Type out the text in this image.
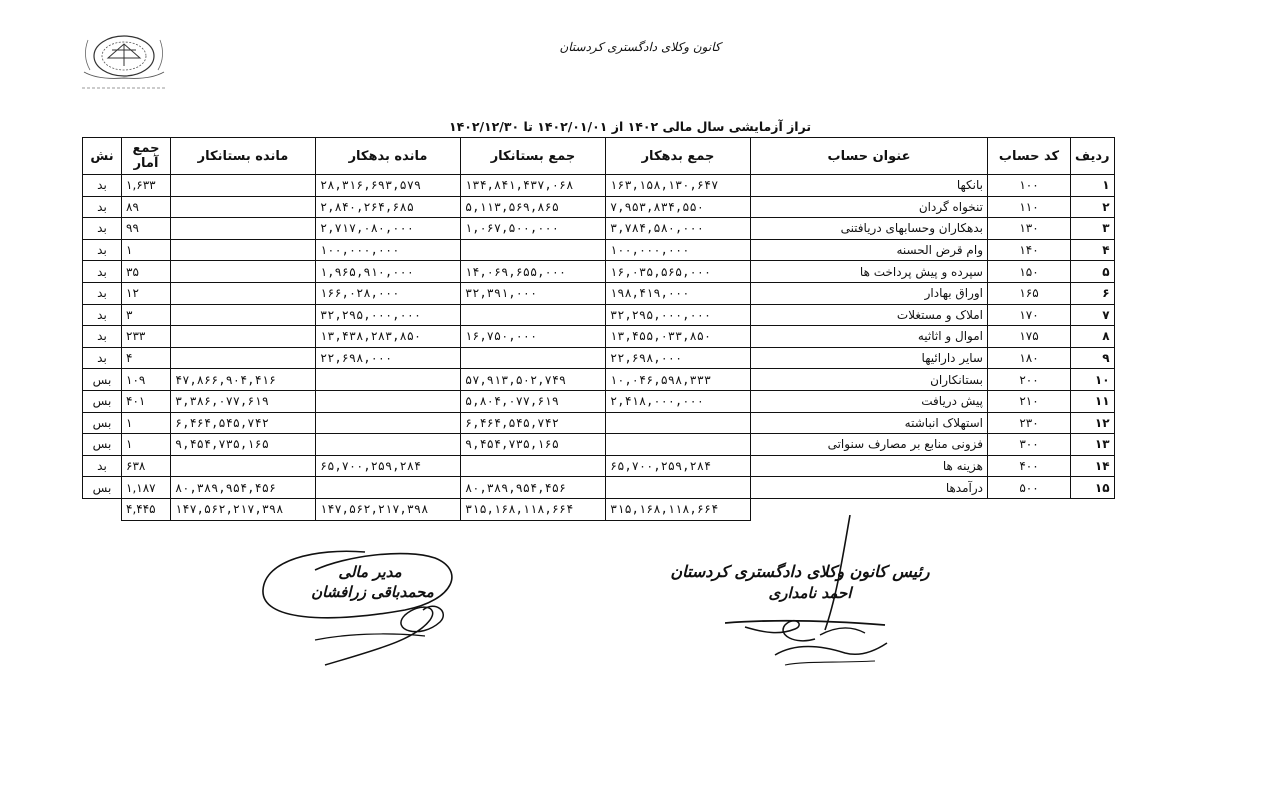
کانون وکلای دادگستری کردستان
تراز آزمایشی سال مالی ۱۴۰۲ از ۱۴۰۲/۰۱/۰۱ تا ۱۴۰۲/۱۲/۳۰
ردیف	کد حساب	عنوان حساب	جمع بدهکار	جمع بستانکار	مانده بدهکار	مانده بستانکار	جمع آمار	نش
۱	۱۰۰	بانکها	۱۶۳,۱۵۸,۱۳۰,۶۴۷	۱۳۴,۸۴۱,۴۳۷,۰۶۸	۲۸,۳۱۶,۶۹۳,۵۷۹		۱,۶۳۳	بد
۲	۱۱۰	تنخواه گردان	۷,۹۵۳,۸۳۴,۵۵۰	۵,۱۱۳,۵۶۹,۸۶۵	۲,۸۴۰,۲۶۴,۶۸۵		۸۹	بد
۳	۱۳۰	بدهکاران وحسابهای دریافتنی	۳,۷۸۴,۵۸۰,۰۰۰	۱,۰۶۷,۵۰۰,۰۰۰	۲,۷۱۷,۰۸۰,۰۰۰		۹۹	بد
۴	۱۴۰	وام قرض الحسنه	۱۰۰,۰۰۰,۰۰۰		۱۰۰,۰۰۰,۰۰۰		۱	بد
۵	۱۵۰	سپرده و پیش پرداخت ها	۱۶,۰۳۵,۵۶۵,۰۰۰	۱۴,۰۶۹,۶۵۵,۰۰۰	۱,۹۶۵,۹۱۰,۰۰۰		۳۵	بد
۶	۱۶۵	اوراق بهادار	۱۹۸,۴۱۹,۰۰۰	۳۲,۳۹۱,۰۰۰	۱۶۶,۰۲۸,۰۰۰		۱۲	بد
۷	۱۷۰	املاک و مستغلات	۳۲,۲۹۵,۰۰۰,۰۰۰		۳۲,۲۹۵,۰۰۰,۰۰۰		۳	بد
۸	۱۷۵	اموال و اثاثیه	۱۳,۴۵۵,۰۳۳,۸۵۰	۱۶,۷۵۰,۰۰۰	۱۳,۴۳۸,۲۸۳,۸۵۰		۲۳۳	بد
۹	۱۸۰	سایر دارائیها	۲۲,۶۹۸,۰۰۰		۲۲,۶۹۸,۰۰۰		۴	بد
۱۰	۲۰۰	بستانکاران	۱۰,۰۴۶,۵۹۸,۳۳۳	۵۷,۹۱۳,۵۰۲,۷۴۹		۴۷,۸۶۶,۹۰۴,۴۱۶	۱۰۹	بس
۱۱	۲۱۰	پیش دریافت	۲,۴۱۸,۰۰۰,۰۰۰	۵,۸۰۴,۰۷۷,۶۱۹		۳,۳۸۶,۰۷۷,۶۱۹	۴۰۱	بس
۱۲	۲۳۰	استهلاک انباشته		۶,۴۶۴,۵۴۵,۷۴۲		۶,۴۶۴,۵۴۵,۷۴۲	۱	بس
۱۳	۳۰۰	فزونی منابع بر مصارف سنواتی		۹,۴۵۴,۷۳۵,۱۶۵		۹,۴۵۴,۷۳۵,۱۶۵	۱	بس
۱۴	۴۰۰	هزینه ها	۶۵,۷۰۰,۲۵۹,۲۸۴		۶۵,۷۰۰,۲۵۹,۲۸۴		۶۳۸	بد
۱۵	۵۰۰	درآمدها		۸۰,۳۸۹,۹۵۴,۴۵۶		۸۰,۳۸۹,۹۵۴,۴۵۶	۱,۱۸۷	بس
			۳۱۵,۱۶۸,۱۱۸,۶۶۴	۳۱۵,۱۶۸,۱۱۸,۶۶۴	۱۴۷,۵۶۲,۲۱۷,۳۹۸	۱۴۷,۵۶۲,۲۱۷,۳۹۸	۴,۴۴۵	
مدیر مالی
محمدباقی زرافشان
رئیس کانون وکلای دادگستری کردستان
احمد نامداری
